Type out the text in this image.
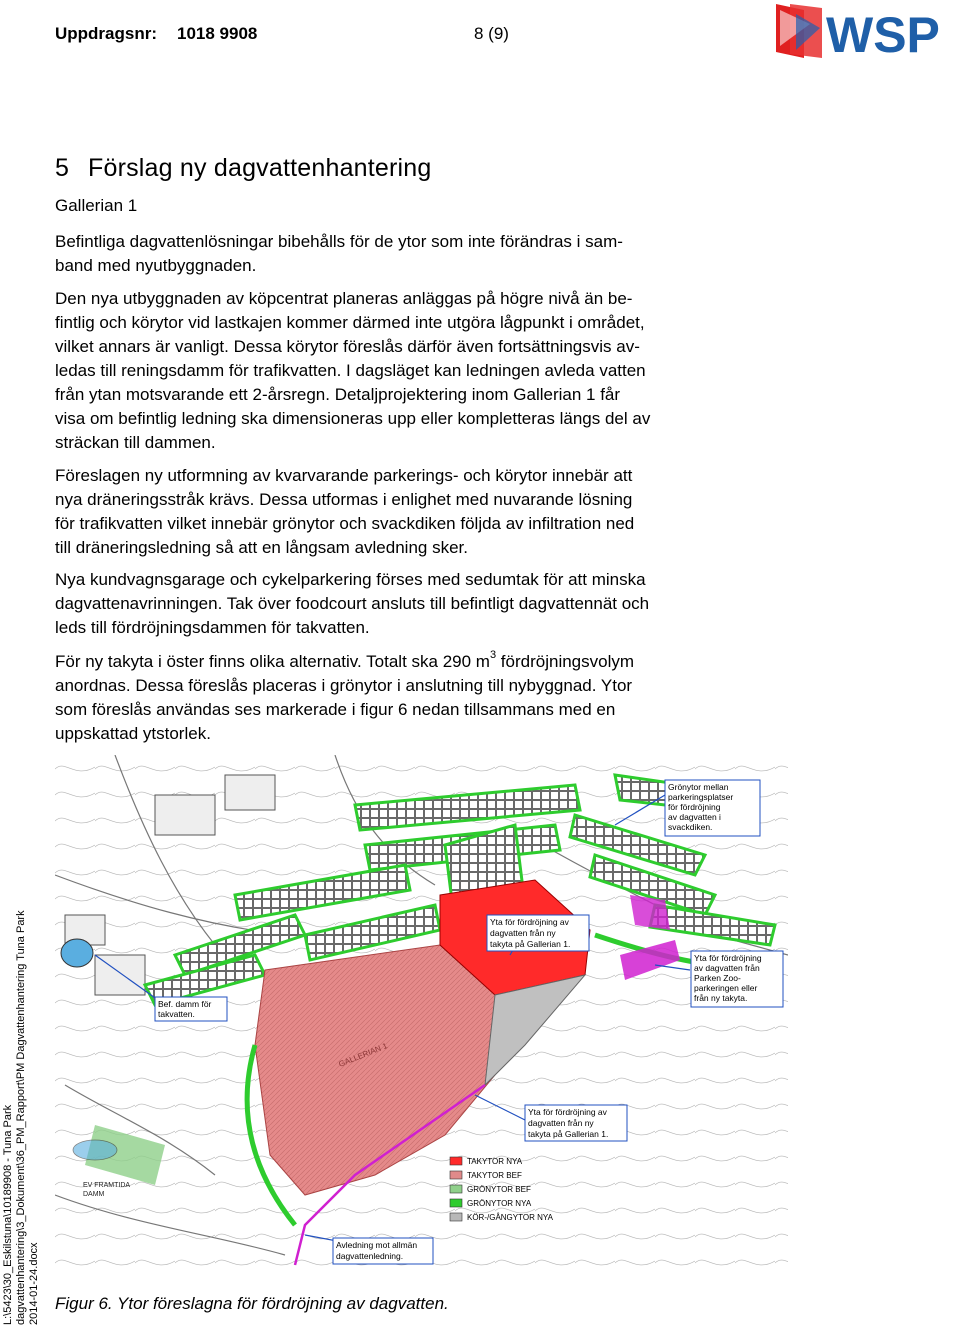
Uppdragsnr: 1018 9908	8 (9)	WSP
5 Förslag ny dagvattenhantering
Gallerian 1
Befintliga dagvattenlösningar bibehålls för de ytor som inte förändras i sam-
band med nyutbyggnaden.
Den nya utbyggnaden av köpcentrat planeras anläggas på högre nivå än be-
fintlig och körytor vid lastkajen kommer därmed inte utgöra lågpunkt i området,
vilket annars är vanligt. Dessa körytor föreslås därför även fortsättningsvis av-
ledas till reningsdamm för trafikvatten. I dagsläget kan ledningen avleda vatten
från ytan motsvarande ett 2-årsregn. Detaljprojektering inom Gallerian 1 får
visa om befintlig ledning ska dimensioneras upp eller kompletteras längs del av
sträckan till dammen.
Föreslagen ny utformning av kvarvarande parkerings- och körytor innebär att
nya dräneringsstråk krävs. Dessa utformas i enlighet med nuvarande lösning
för trafikvatten vilket innebär grönytor och svackdiken följda av infiltration ned
till dräneringsledning så att en långsam avledning sker.
Nya kundvagnsgarage och cykelparkering förses med sedumtak för att minska
dagvattenavrinningen. Tak över foodcourt ansluts till befintligt dagvattennät och
leds till fördröjningsdammen för takvatten.
För ny takyta i öster finns olika alternativ. Totalt ska 290 $m^3$ fördröjningsvolym
anordnas. Dessa föreslås placeras i grönytor i anslutning till nybyggnad. Ytor
som föreslås användas ses markerade i figur 6 nedan tillsammans med en
uppskattad ytstorlek.
GALLERIAN 1
EV FRAMTIDA
DAMM
Grönytor mellan
parkeringsplatser
för fördröjning
av dagvatten i
svackdiken.
Yta för fördröjning av
dagvatten från ny
takyta på Gallerian 1.
Yta för fördröjning
av dagvatten från
Parken Zoo-
parkeringen eller
från ny takyta.
Bef. damm för
takvatten.
Yta för fördröjning av
dagvatten från ny
takyta på Gallerian 1.
Avledning mot allmän
dagvattenledning.
TAKYTOR NYA
TAKYTOR BEF
GRÖNYTOR BEF
GRÖNYTOR NYA
KÖR-/GÅNGYTOR NYA
Figur 6. Ytor föreslagna för fördröjning av dagvatten.
L:\5423\30_Eskilstuna\10189908 - Tuna Park dagvattenhantering\3_Dokument\36_PM_Rapport\PM Dagvattenhantering Tuna Park 2014-01-24.docx
